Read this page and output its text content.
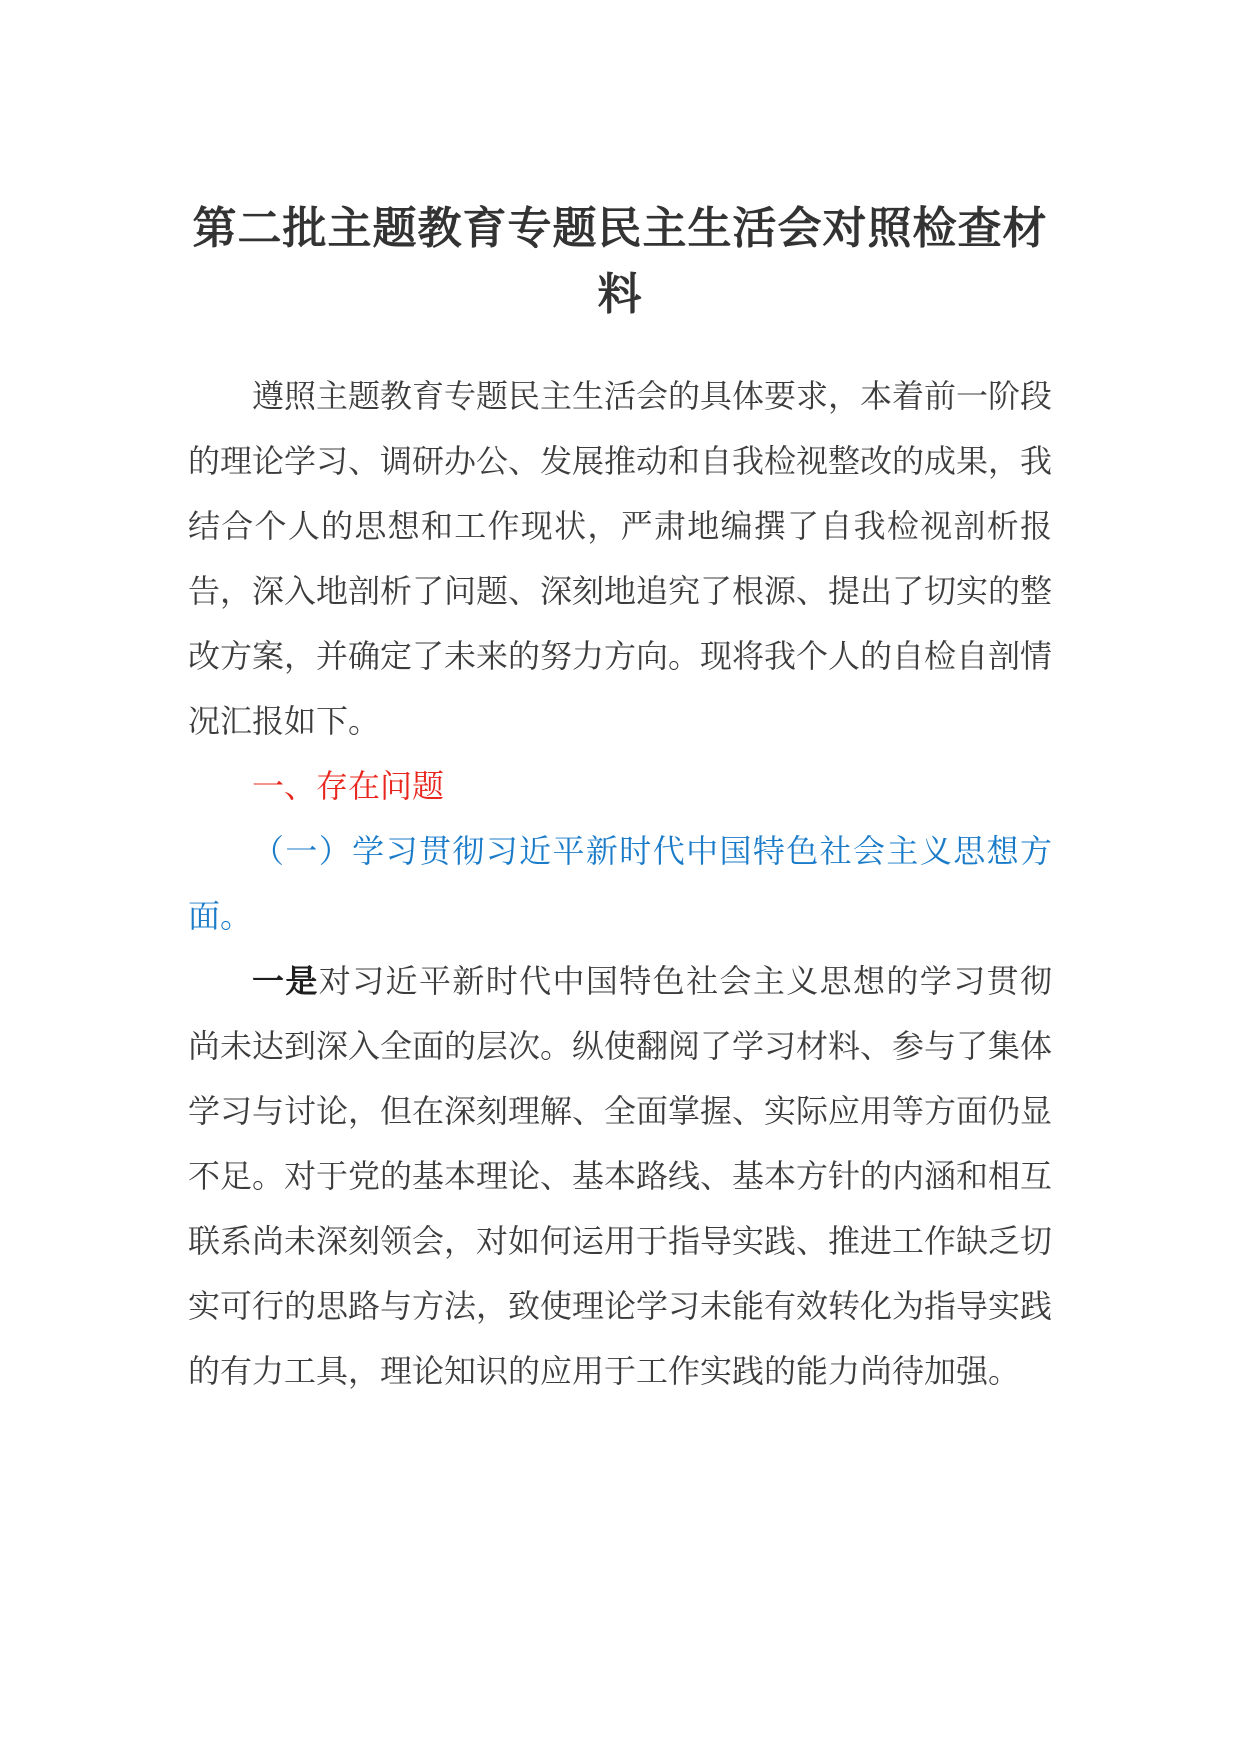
第二批主题教育专题民主生活会对照检查材料

遵照主题教育专题民主生活会的具体要求，本着前一阶段的理论学习、调研办公、发展推动和自我检视整改的成果，我结合个人的思想和工作现状，严肃地编撰了自我检视剖析报告，深入地剖析了问题、深刻地追究了根源、提出了切实的整改方案，并确定了未来的努力方向。现将我个人的自检自剖情况汇报如下。

一、存在问题

（一）学习贯彻习近平新时代中国特色社会主义思想方面。

一是对习近平新时代中国特色社会主义思想的学习贯彻尚未达到深入全面的层次。纵使翻阅了学习材料、参与了集体学习与讨论，但在深刻理解、全面掌握、实际应用等方面仍显不足。对于党的基本理论、基本路线、基本方针的内涵和相互联系尚未深刻领会，对如何运用于指导实践、推进工作缺乏切实可行的思路与方法，致使理论学习未能有效转化为指导实践的有力工具，理论知识的应用于工作实践的能力尚待加强。
